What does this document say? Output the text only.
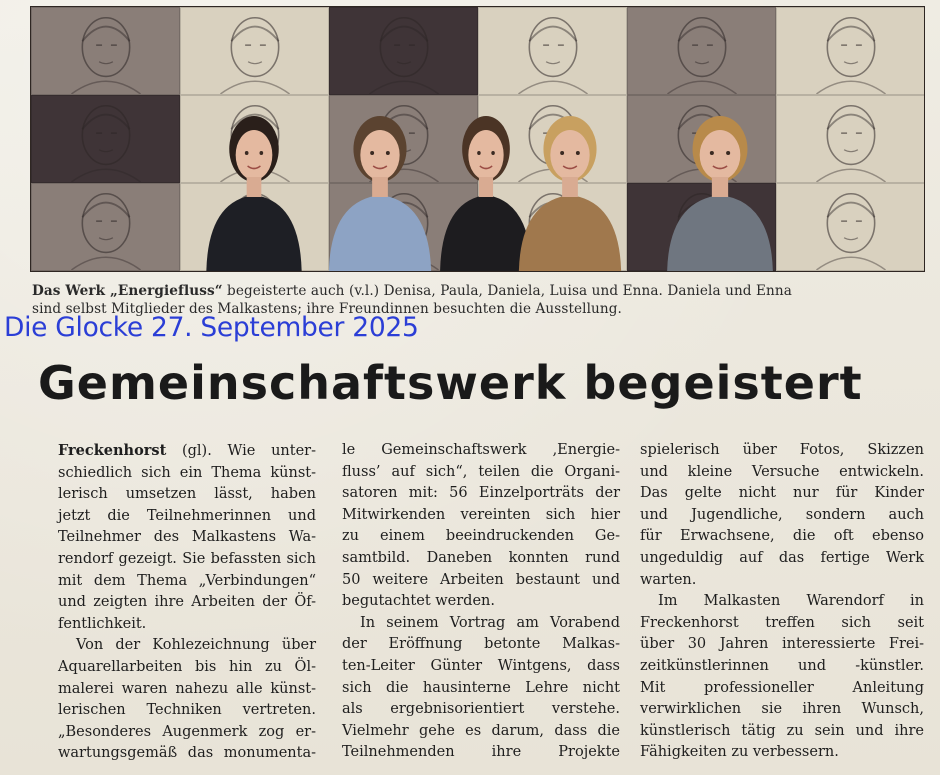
Das Werk „Energiefluss“ begeisterte auch (v.l.) Denisa, Paula, Daniela, Luisa und Enna. Daniela und Enna
sind selbst Mitglieder des Malkastens; ihre Freundinnen besuchten die Ausstellung.
Die Glocke 27. September 2025
Gemeinschaftswerk begeistert
Freckenhorst (gl). Wie unter-
schiedlich sich ein Thema künst-
lerisch umsetzen lässt, haben
jetzt die Teilnehmerinnen und
Teilnehmer des Malkastens Wa-
rendorf gezeigt. Sie befassten sich
mit dem Thema „Verbindungen“
und zeigten ihre Arbeiten der Öf-
fentlichkeit.
Von der Kohlezeichnung über
Aquarellarbeiten bis hin zu Öl-
malerei waren nahezu alle künst-
lerischen Techniken vertreten.
„Besonderes Augenmerk zog er-
wartungsgemäß das monumenta-
le Gemeinschaftswerk ‚Energie-
fluss’ auf sich“, teilen die Organi-
satoren mit: 56 Einzelporträts der
Mitwirkenden vereinten sich hier
zu einem beeindruckenden Ge-
samtbild. Daneben konnten rund
50 weitere Arbeiten bestaunt und
begutachtet werden.
In seinem Vortrag am Vorabend
der Eröffnung betonte Malkas-
ten-Leiter Günter Wintgens, dass
sich die hausinterne Lehre nicht
als ergebnisorientiert verstehe.
Vielmehr gehe es darum, dass die
Teilnehmenden ihre Projekte
spielerisch über Fotos, Skizzen
und kleine Versuche entwickeln.
Das gelte nicht nur für Kinder
und Jugendliche, sondern auch
für Erwachsene, die oft ebenso
ungeduldig auf das fertige Werk
warten.
Im Malkasten Warendorf in
Freckenhorst treffen sich seit
über 30 Jahren interessierte Frei-
zeitkünstlerinnen und -künstler.
Mit professioneller Anleitung
verwirklichen sie ihren Wunsch,
künstlerisch tätig zu sein und ihre
Fähigkeiten zu verbessern.
